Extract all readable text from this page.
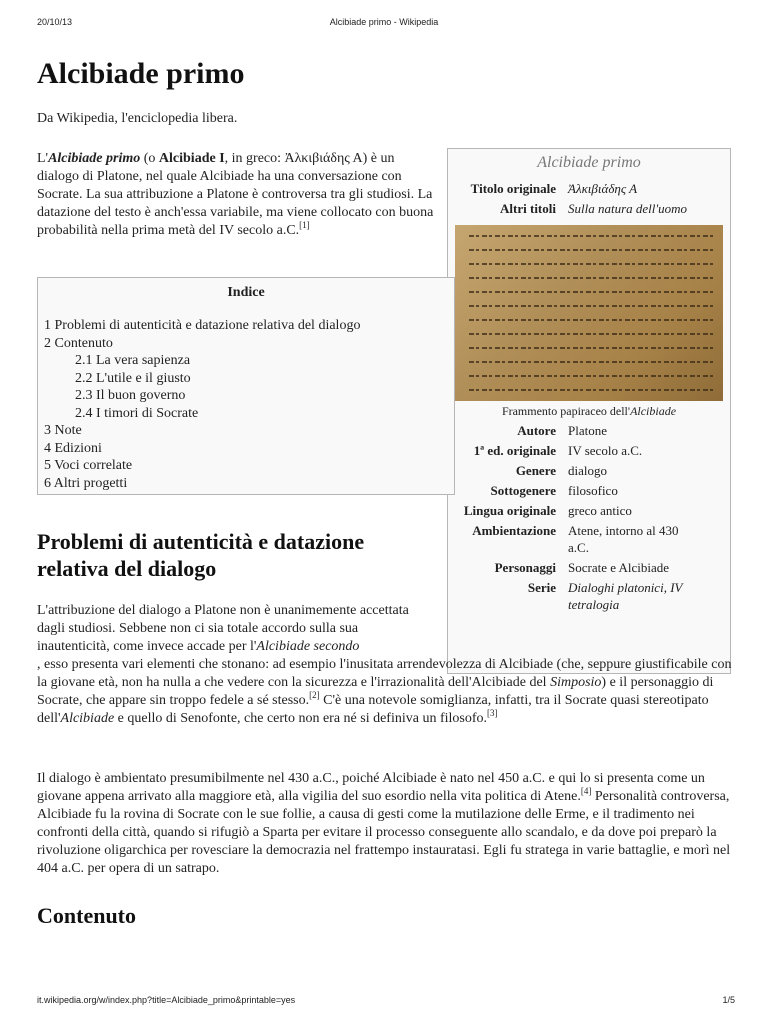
20/10/13	Alcibiade primo - Wikipedia
Alcibiade primo
Da Wikipedia, l'enciclopedia libera.

L'Alcibiade primo (o Alcibiade I, in greco: Ἀλκιβιάδης Α) è un dialogo di Platone, nel quale Alcibiade ha una conversazione con Socrate. La sua attribuzione a Platone è controversa tra gli studiosi. La datazione del testo è anch'essa variabile, ma viene collocato con buona probabilità nella prima metà del IV secolo a.C.[1]

Alcibiade primo
Titolo originale Ἀλκιβιάδης Α
Altri titoli Sulla natura dell'uomo
Frammento papiraceo dell'Alcibiade
Autore Platone
1ª ed. originale IV secolo a.C.
Genere dialogo
Sottogenere filosofico
Lingua originale greco antico
Ambientazione Atene, intorno al 430 a.C.
Personaggi Socrate e Alcibiade
Serie Dialoghi platonici, IV tetralogia
Indice
1 Problemi di autenticità e datazione relativa del dialogo
2 Contenuto
2.1 La vera sapienza
2.2 L'utile e il giusto
2.3 Il buon governo
2.4 I timori di Socrate
3 Note
4 Edizioni
5 Voci correlate
6 Altri progetti
Problemi di autenticità e datazione relativa del dialogo

L'attribuzione del dialogo a Platone non è unanimemente accettata dagli studiosi. Sebbene non ci sia totale accordo sulla sua inautenticità, come invece accade per l'Alcibiade secondo
, esso presenta vari elementi che stonano: ad esempio l'inusitata arrendevolezza di Alcibiade (che, seppure giustificabile con la giovane età, non ha nulla a che vedere con la sicurezza e l'irrazionalità dell'Alcibiade del Simposio) e il personaggio di Socrate, che appare sin troppo fedele a sé stesso.[2] C'è una notevole somiglianza, infatti, tra il Socrate quasi stereotipato dell'Alcibiade e quello di Senofonte, che certo non era né si definiva un filosofo.[3]

Il dialogo è ambientato presumibilmente nel 430 a.C., poiché Alcibiade è nato nel 450 a.C. e qui lo si presenta come un giovane appena arrivato alla maggiore età, alla vigilia del suo esordio nella vita politica di Atene.[4] Personalità controversa, Alcibiade fu la rovina di Socrate con le sue follie, a causa di gesti come la mutilazione delle Erme, e il tradimento nei confronti della città, quando si rifugiò a Sparta per evitare il processo conseguente allo scandalo, e da dove poi preparò la rivoluzione oligarchica per rovesciare la democrazia nel frattempo instauratasi. Egli fu stratega in varie battaglie, e morì nel 404 a.C. per opera di un satrapo.

Contenuto
it.wikipedia.org/w/index.php?title=Alcibiade_primo&printable=yes	1/5
